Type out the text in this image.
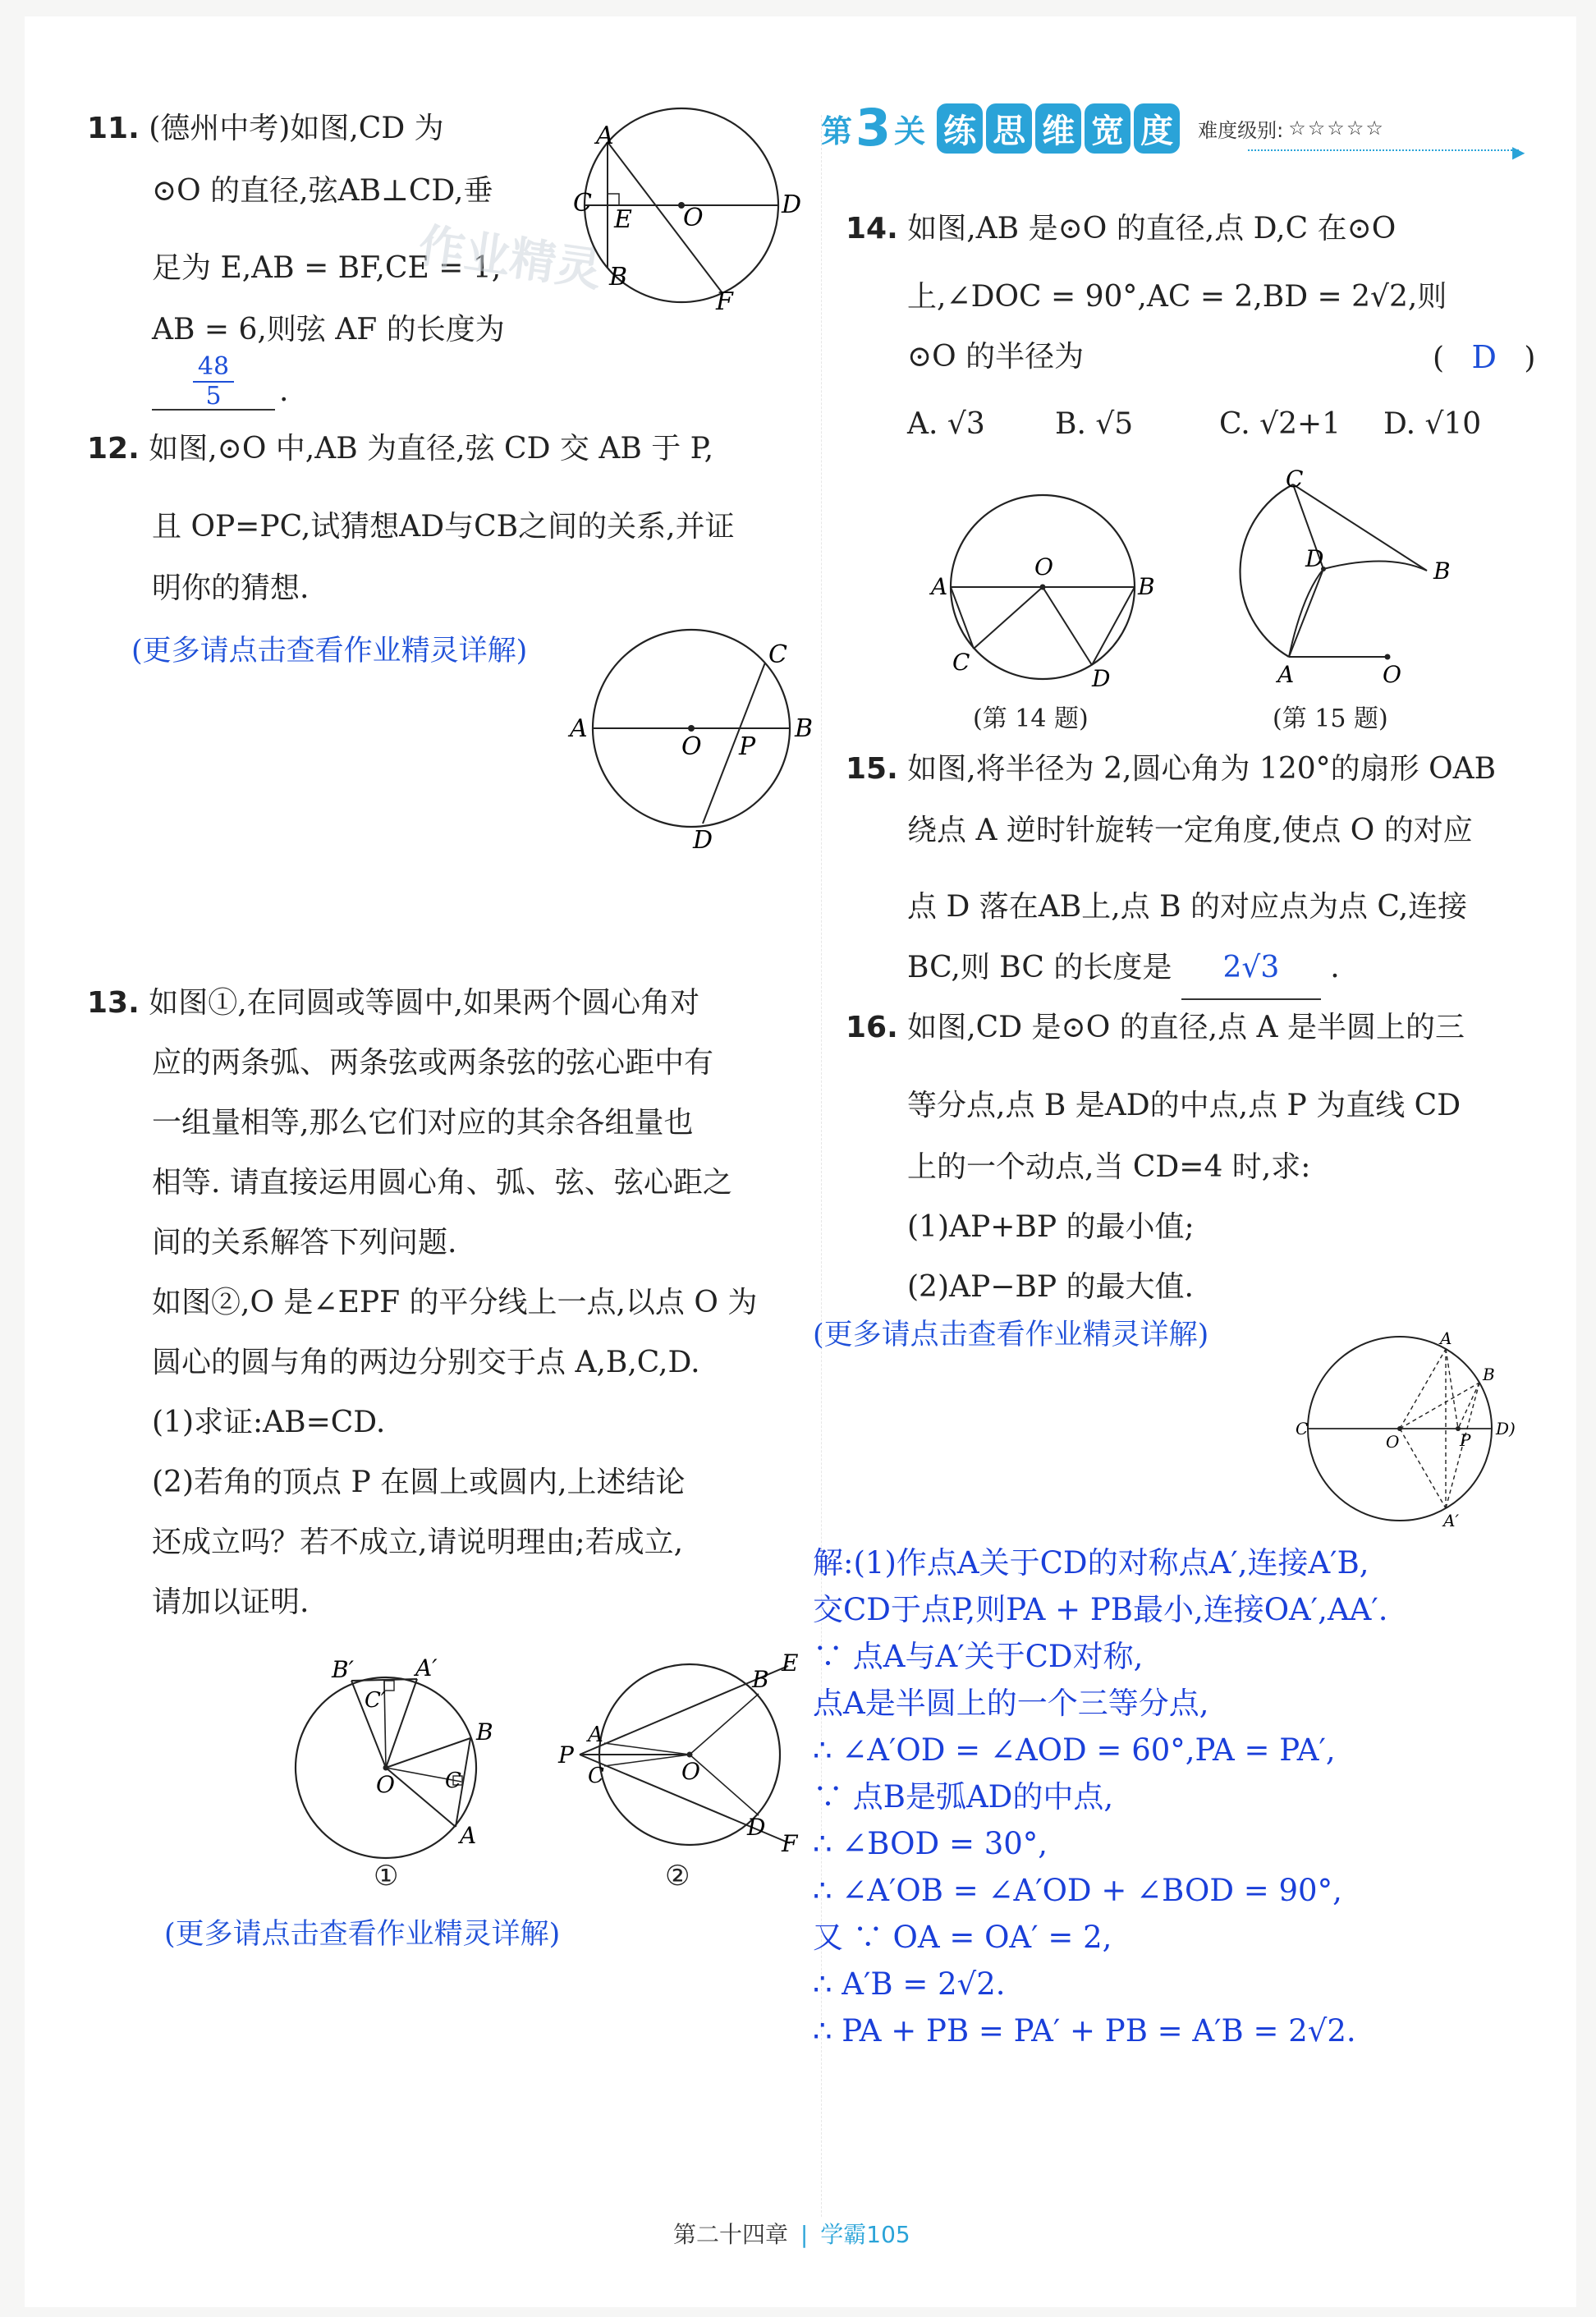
11. (德州中考)如图,CD 为
⊙O 的直径,弦AB⊥CD,垂
足为 E,AB = BF,CE = 1,
AB = 6,则弦 AF 的长度为
48
5	.
作业精灵
A
C
E O	D
B
F
12. 如图,⊙O 中,AB 为直径,弦 CD 交 AB 于 P,
且 OP=PC,试猜想AD与CB之间的关系,并证
明你的猜想.
(更多请点击查看作业精灵详解)
A
O P
B
C
D
13. 如图①,在同圆或等圆中,如果两个圆心角对
应的两条弧、两条弦或两条弦的弦心距中有
一组量相等,那么它们对应的其余各组量也
相等. 请直接运用圆心角、弧、弦、弦心距之
间的关系解答下列问题.
如图②,O 是∠EPF 的平分线上一点,以点 O 为
圆心的圆与角的两边分别交于点 A,B,C,D.
(1)求证:AB=CD.
(2)若角的顶点 P 在圆上或圆内,上述结论
还成立吗？若不成立,请说明理由;若成立,
请加以证明.
B′	A′
C′
B
C
O
A
①
P
A
C	O
B
E
D
F
②
(更多请点击查看作业精灵详解)
第 3 关 练 思 维 宽 度	难度级别: ☆☆☆☆☆
▶
14. 如图,AB 是⊙O 的直径,点 D,C 在⊙O
上,∠DOC = 90°,AC = 2,BD = 2√2,则
⊙O 的半径为	( D )
A. √3 B. √5	C. √2+1 D. √10
A
O
B
C
D
(第 14 题)
C
D	B
A	O
(第 15 题)
15. 如图,将半径为 2,圆心角为 120°的扇形 OAB
绕点 A 逆时针旋转一定角度,使点 O 的对应
点 D 落在AB上,点 B 的对应点为点 C,连接
BC,则 BC 的长度是 2√3 .
16. 如图,CD 是⊙O 的直径,点 A 是半圆上的三
等分点,点 B 是AD的中点,点 P 为直线 CD
上的一个动点,当 CD=4 时,求:
(1)AP+BP 的最小值;
(2)AP−BP 的最大值.
(更多请点击查看作业精灵详解)	A
B
C
O	P
D )
A′
解:(1)作点A关于CD的对称点A′,连接A′B,
交CD于点P,则PA + PB最小,连接OA′,AA′.
∵ 点A与A′关于CD对称,
点A是半圆上的一个三等分点,
∴ ∠A′OD = ∠AOD = 60°,PA = PA′,
∵ 点B是弧AD的中点,
∴ ∠BOD = 30°,
∴ ∠A′OB = ∠A′OD + ∠BOD = 90°,
又 ∵ OA = OA′ = 2,
∴ A′B = 2√2.
∴ PA + PB = PA′ + PB = A′B = 2√2.
第二十四章 | 学霸105
